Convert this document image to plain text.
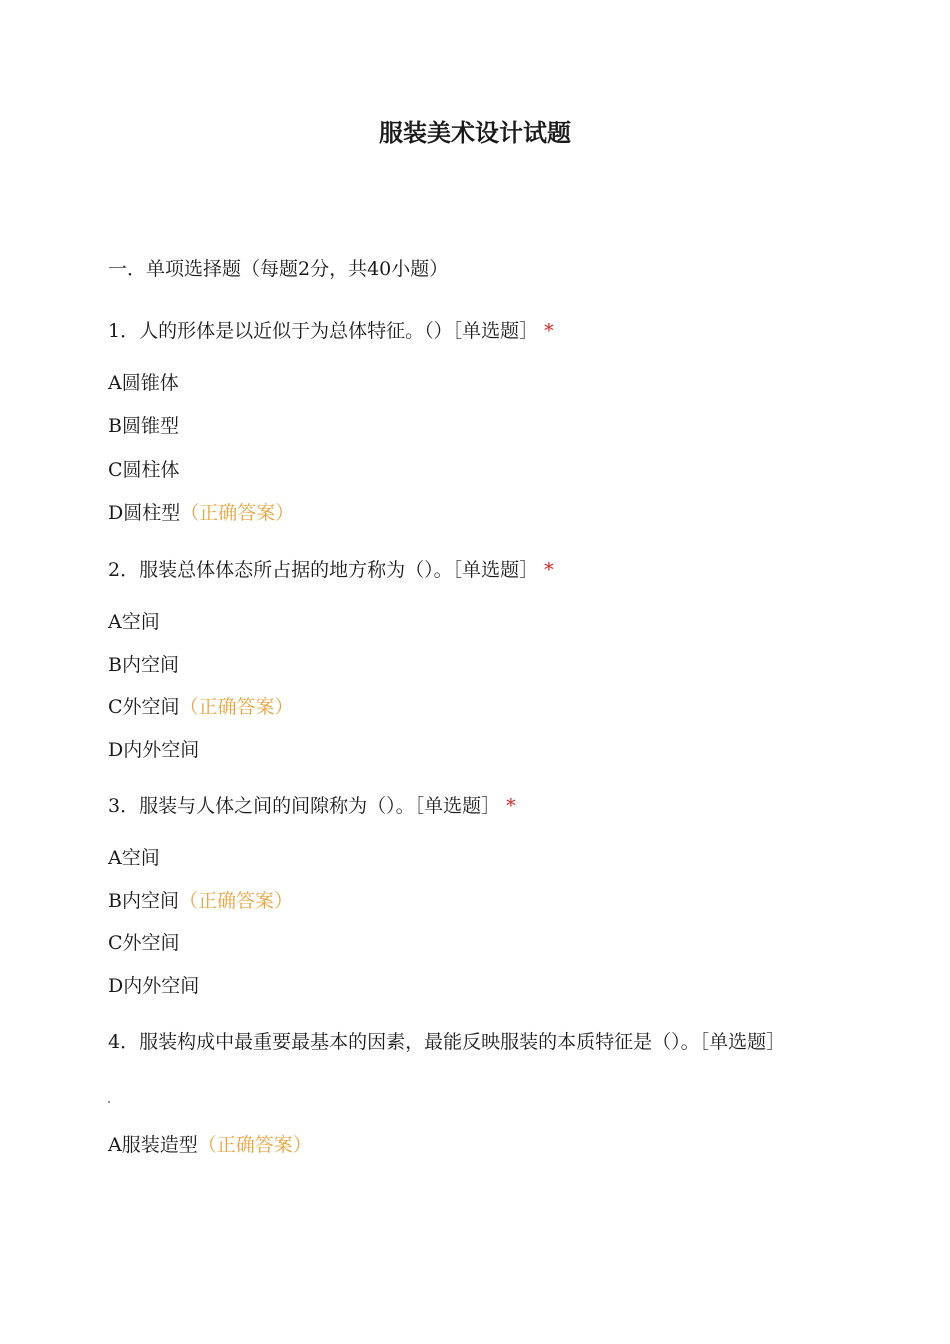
服装美术设计试题
一．单项选择题（每题2分，共40小题）
1．人的形体是以近似于为总体特征。（）［单选题］ *
A圆锥体
B圆锥型
C圆柱体
D圆柱型（正确答案）
2．服装总体体态所占据的地方称为（）。［单选题］ *
A空间
B内空间
C外空间（正确答案）
D内外空间
3．服装与人体之间的间隙称为（）。［单选题］ *
A空间
B内空间（正确答案）
C外空间
D内外空间
4．服装构成中最重要最基本的因素，最能反映服装的本质特征是（）。［单选题］
A服装造型（正确答案）
